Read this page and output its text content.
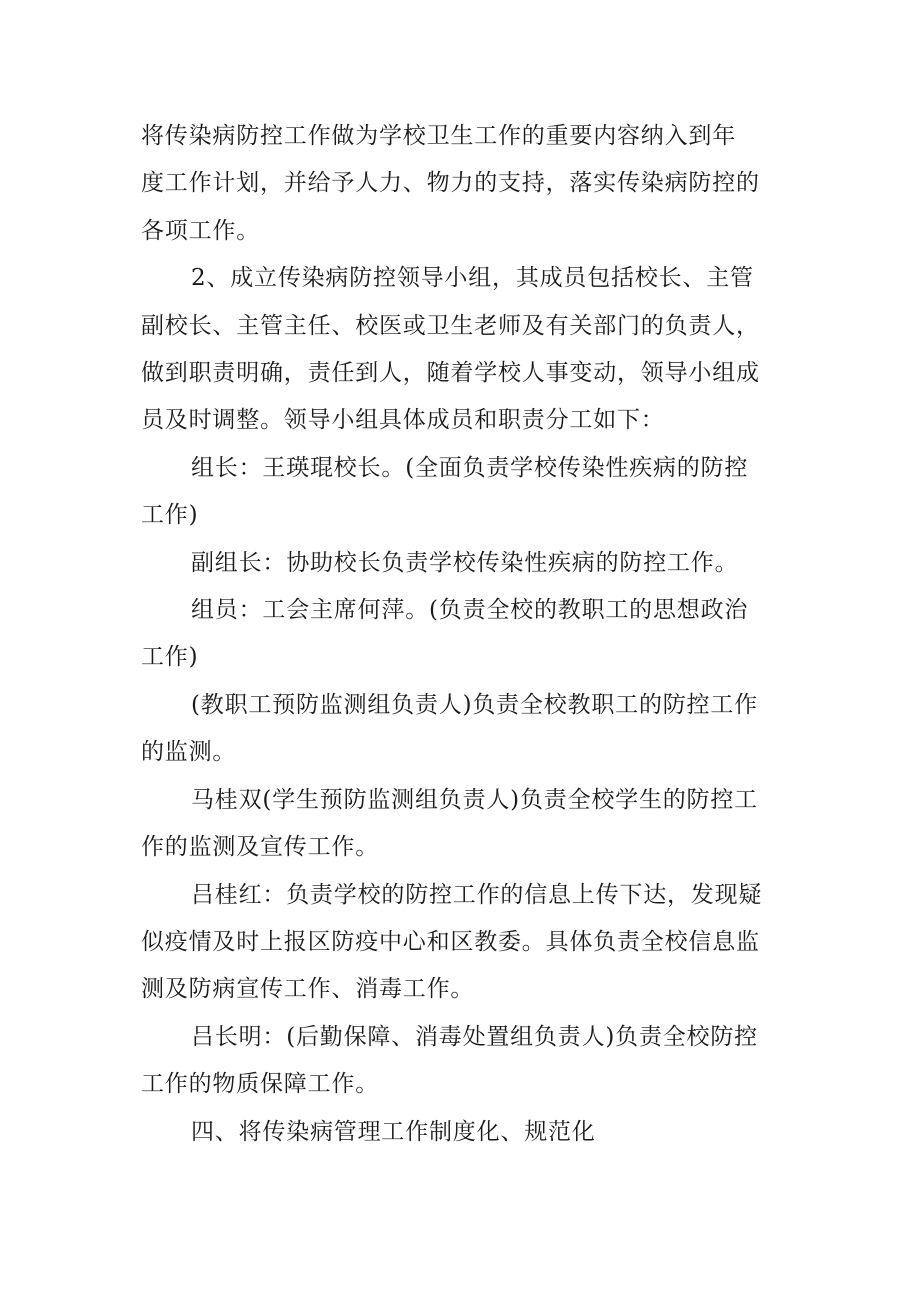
将传染病防控工作做为学校卫生工作的重要内容纳入到年
度工作计划，并给予人力、物力的支持，落实传染病防控的
各项工作。

2、成立传染病防控领导小组，其成员包括校长、主管
副校长、主管主任、校医或卫生老师及有关部门的负责人，
做到职责明确，责任到人，随着学校人事变动，领导小组成
员及时调整。领导小组具体成员和职责分工如下：

组长：王瑛琨校长。(全面负责学校传染性疾病的防控
工作)

副组长：协助校长负责学校传染性疾病的防控工作。

组员：工会主席何萍。(负责全校的教职工的思想政治
工作)

(教职工预防监测组负责人)负责全校教职工的防控工作
的监测。

马桂双(学生预防监测组负责人)负责全校学生的防控工
作的监测及宣传工作。

吕桂红：负责学校的防控工作的信息上传下达，发现疑
似疫情及时上报区防疫中心和区教委。具体负责全校信息监
测及防病宣传工作、消毒工作。

吕长明：(后勤保障、消毒处置组负责人)负责全校防控
工作的物质保障工作。

四、将传染病管理工作制度化、规范化
